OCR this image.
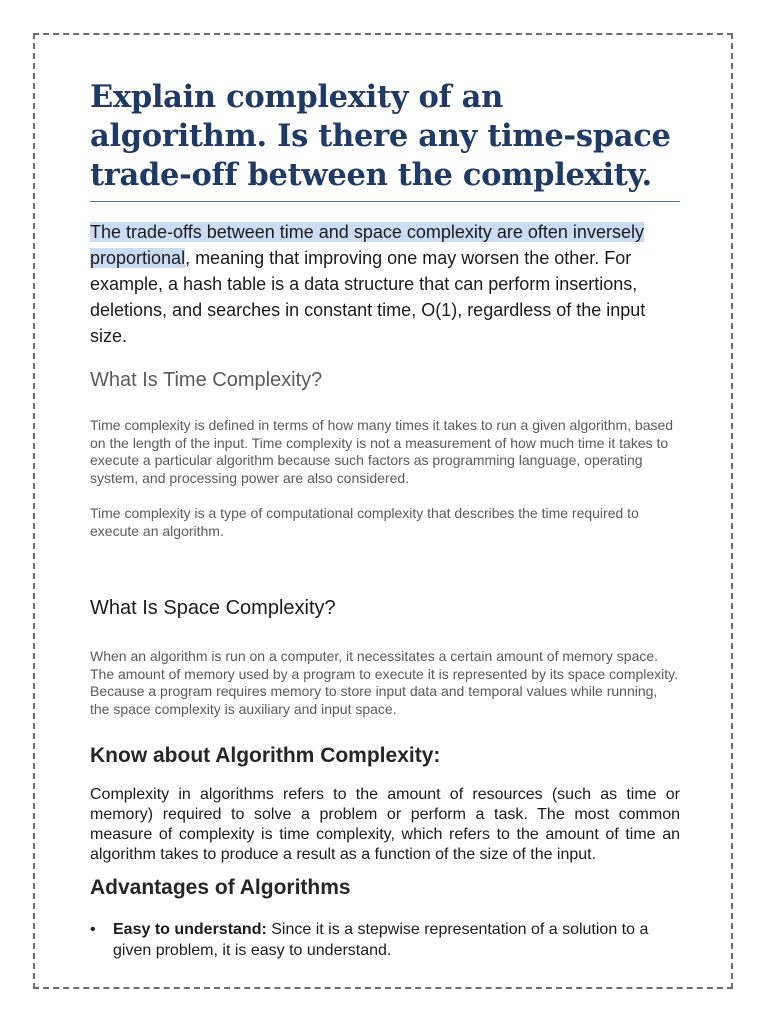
Explain complexity of an algorithm. Is there any time-space trade-off between the complexity.

The trade-offs between time and space complexity are often inversely proportional, meaning that improving one may worsen the other. For example, a hash table is a data structure that can perform insertions, deletions, and searches in constant time, O(1), regardless of the input size.

What Is Time Complexity?

Time complexity is defined in terms of how many times it takes to run a given algorithm, based on the length of the input. Time complexity is not a measurement of how much time it takes to execute a particular algorithm because such factors as programming language, operating system, and processing power are also considered.

Time complexity is a type of computational complexity that describes the time required to execute an algorithm.

What Is Space Complexity?

When an algorithm is run on a computer, it necessitates a certain amount of memory space. The amount of memory used by a program to execute it is represented by its space complexity. Because a program requires memory to store input data and temporal values while running, the space complexity is auxiliary and input space.

Know about Algorithm Complexity:

Complexity in algorithms refers to the amount of resources (such as time or memory) required to solve a problem or perform a task. The most common measure of complexity is time complexity, which refers to the amount of time an algorithm takes to produce a result as a function of the size of the input.

Advantages of Algorithms
• Easy to understand: Since it is a stepwise representation of a solution to a given problem, it is easy to understand.
